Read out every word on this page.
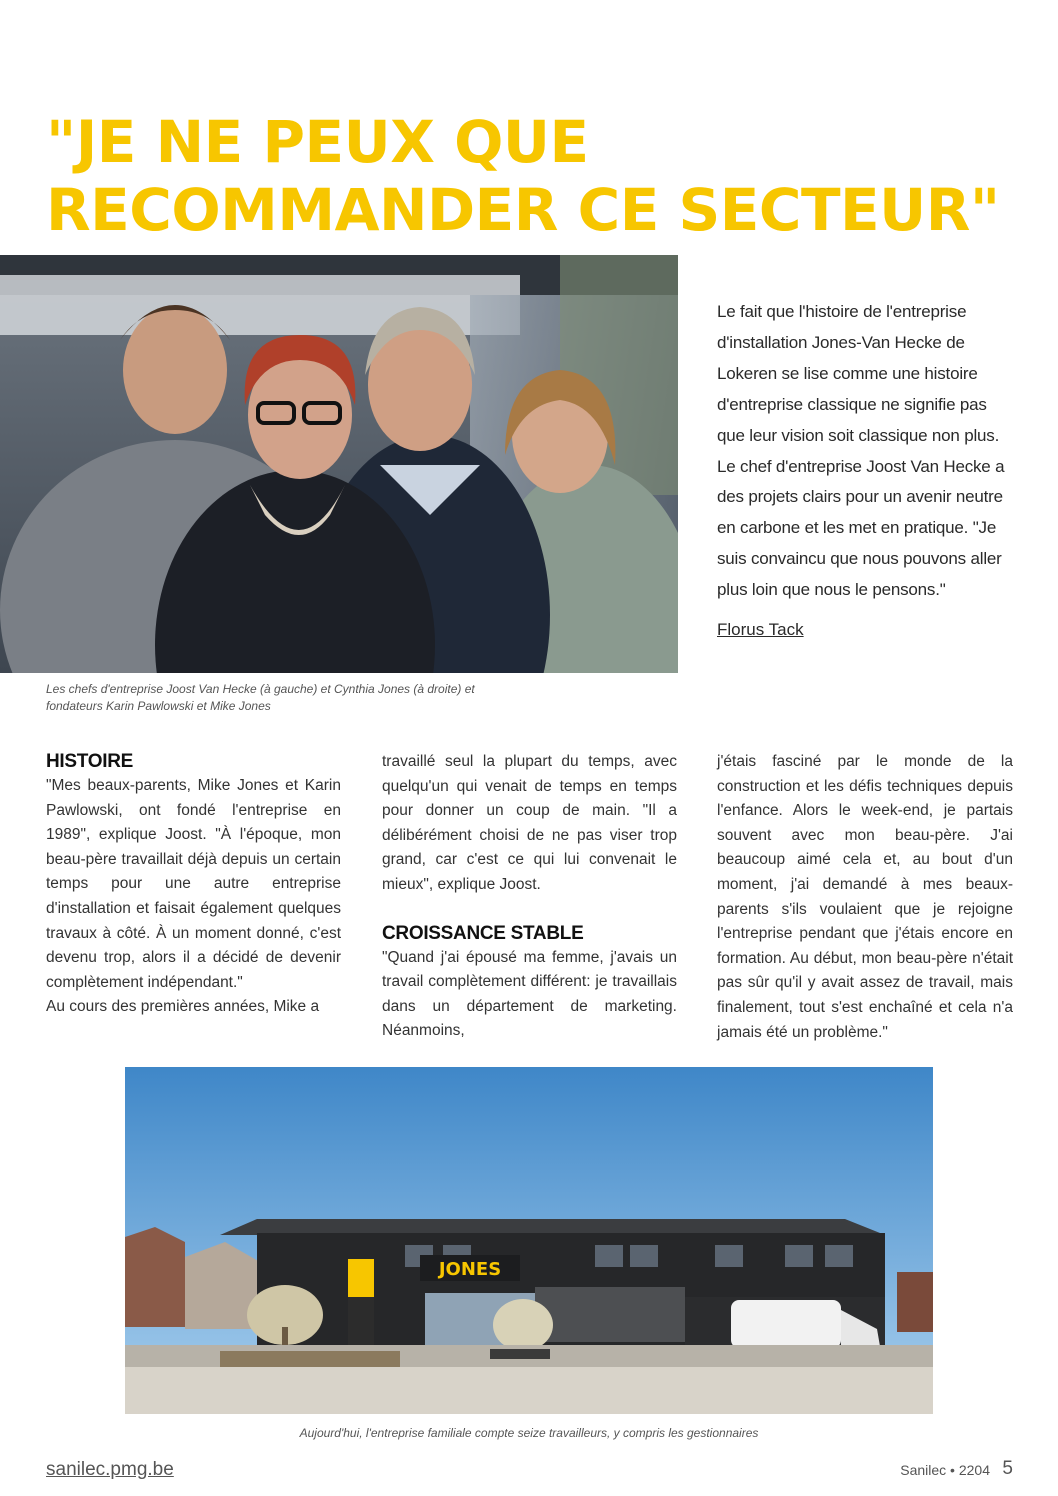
"JE NE PEUX QUE RECOMMANDER CE SECTEUR"

Les chefs d'entreprise Joost Van Hecke (à gauche) et Cynthia Jones (à droite) et fondateurs Karin Pawlowski et Mike Jones

Le fait que l'histoire de l'entreprise d'installation Jones-Van Hecke de Lokeren se lise comme une histoire d'entreprise classique ne signifie pas que leur vision soit classique non plus. Le chef d'entreprise Joost Van Hecke a des projets clairs pour un avenir neutre en carbone et les met en pratique. "Je suis convaincu que nous pouvons aller plus loin que nous le pensons."

Florus Tack

HISTOIRE

"Mes beaux-parents, Mike Jones et Karin Pawlowski, ont fondé l'entreprise en 1989", explique Joost. "À l'époque, mon beau-père travaillait déjà depuis un certain temps pour une autre entreprise d'installation et faisait également quelques travaux à côté. À un moment donné, c'est devenu trop, alors il a décidé de devenir complètement indépendant."

Au cours des premières années, Mike a

travaillé seul la plupart du temps, avec quelqu'un qui venait de temps en temps pour donner un coup de main. "Il a délibérément choisi de ne pas viser trop grand, car c'est ce qui lui convenait le mieux", explique Joost.

CROISSANCE STABLE

"Quand j'ai épousé ma femme, j'avais un travail complètement différent: je travaillais dans un département de marketing. Néanmoins,

j'étais fasciné par le monde de la construction et les défis techniques depuis l'enfance. Alors le week-end, je partais souvent avec mon beau-père. J'ai beaucoup aimé cela et, au bout d'un moment, j'ai demandé à mes beaux-parents s'ils voulaient que je rejoigne l'entreprise pendant que j'étais encore en formation. Au début, mon beau-père n'était pas sûr qu'il y avait assez de travail, mais finalement, tout s'est enchaîné et cela n'a jamais été un problème."

JONES

Aujourd'hui, l'entreprise familiale compte seize travailleurs, y compris les gestionnaires

sanilec.pmg.be	Sanilec • 2204 5
